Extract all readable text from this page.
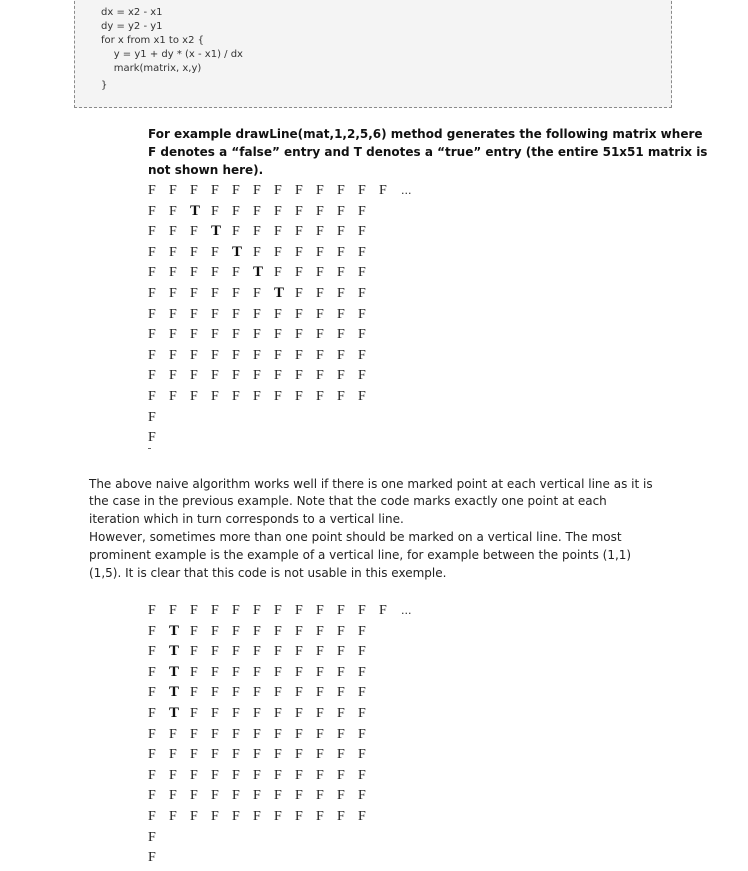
dx = x2 - x1
dy = y2 - y1
for x from x1 to x2 {
y = y1 + dy * (x - x1) / dx
mark(matrix, x,y)
}
For example drawLine(mat,1,2,5,6) method generates the following matrix where
F denotes a “false” entry and T denotes a “true” entry (the entire 51x51 matrix is
not shown here).
F F F F F F F F F F F F	...
F F T F F F F F F F F
F F F T F F F F F F F
F F F F T F F F F F F
F F F F F T F F F F F
F F F F F F T F F F F
F F F F F F F F F F F
F F F F F F F F F F F
F F F F F F F F F F F
F F F F F F F F F F F
F F F F F F F F F F F
F
F
The above naive algorithm works well if there is one marked point at each vertical line as it is
the case in the previous example. Note that the code marks exactly one point at each
iteration which in turn corresponds to a vertical line.
However, sometimes more than one point should be marked on a vertical line. The most
prominent example is the example of a vertical line, for example between the points (1,1)
(1,5). It is clear that this code is not usable in this exemple.
F F F F F F F F F F F F	...
F T F F F F F F F F F
F T F F F F F F F F F
F T F F F F F F F F F
F T F F F F F F F F F
F T F F F F F F F F F
F F F F F F F F F F F
F F F F F F F F F F F
F F F F F F F F F F F
F F F F F F F F F F F
F F F F F F F F F F F
F
F
